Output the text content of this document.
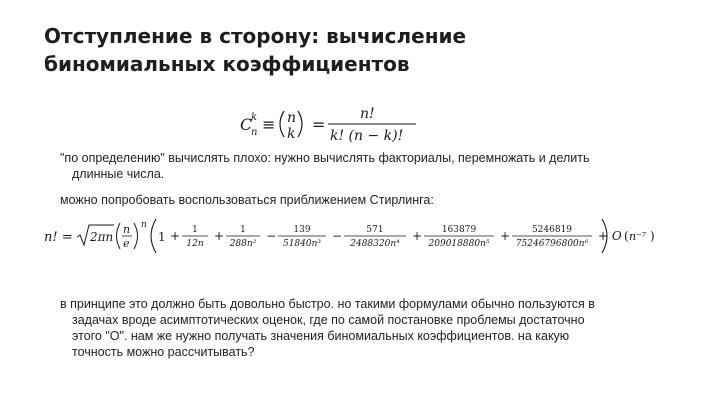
Отступление в сторону: вычисление
биномиальных коэффициентов
C
k
n ≡ n
k =
n!
k! (n − k)!

"по определению" вычислять плохо: нужно вычислять факториалы, перемножать и делить
длинные числа.

можно попробовать воспользоваться приближением Стирлинга:

n! = 2πn
n
e
n
1 + 1
12n
+ 1
288n²
− 139
51840n³
−	571
2488320n⁴
+ 163879
209018880n⁵
+ 5246819
75246796800n⁶
+ O ( n⁻⁷ )

в принципе это должно быть довольно быстро. но такими формулами обычно пользуются в
задачах вроде асимптотических оценок, где по самой постановке проблемы достаточно
этого "O". нам же нужно получать значения биномиальных коэффициентов. на какую
точность можно рассчитывать?
